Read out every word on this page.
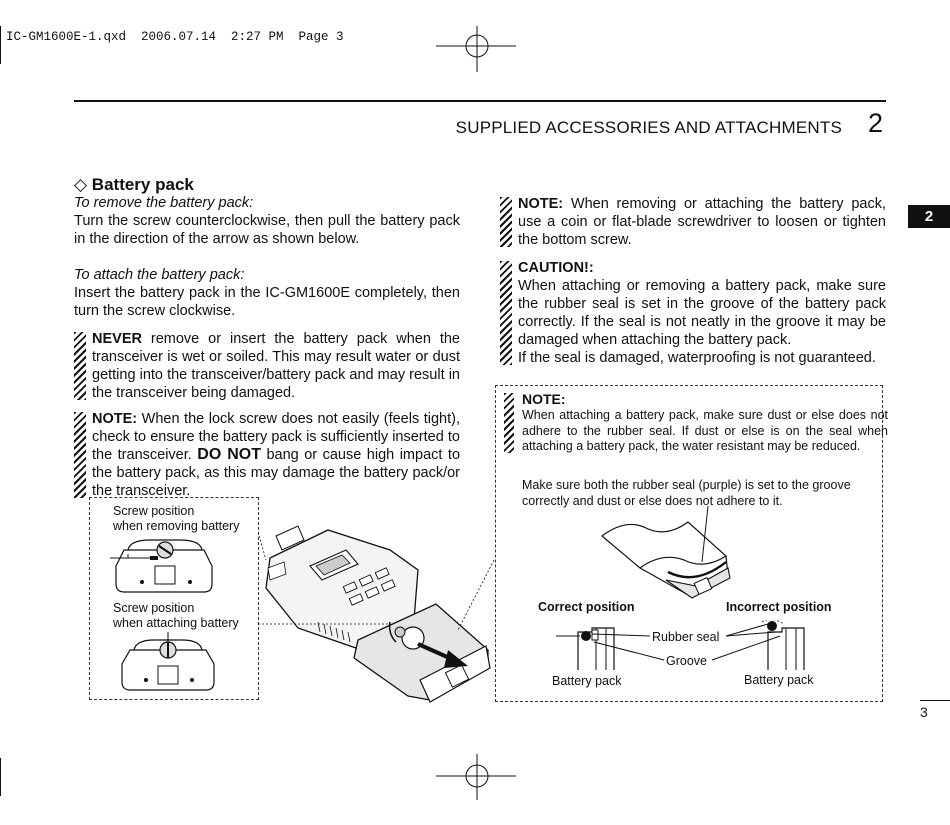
IC-GM1600E-1.qxd  2006.07.14  2:27 PM  Page 3
SUPPLIED ACCESSORIES AND ATTACHMENTS 2
2
◇ Battery pack

To remove the battery pack:

Turn the screw counterclockwise, then pull the battery pack in the direction of the arrow as shown below.

To attach the battery pack:

Insert the battery pack in the IC-GM1600E completely, then turn the screw clockwise.

NEVER remove or insert the battery pack when the transceiver is wet or soiled. This may result water or dust getting into the transceiver/battery pack and may result in the transceiver being damaged.
NOTE: When the lock screw does not easily (feels tight), check to ensure the battery pack is sufficiently inserted to the transceiver. DO NOT bang or cause high impact to the battery pack, as this may damage the battery pack/or the transceiver.
Screw position
when removing battery
Screw position
when attaching battery
NOTE: When removing or attaching the battery pack, use a coin or flat-blade screwdriver to loosen or tighten the bottom screw.
CAUTION!:

When attaching or removing a battery pack, make sure the rubber seal is set in the groove of the battery pack correctly. If the seal is not neatly in the groove it may be damaged when attaching the battery pack.

If the seal is damaged, waterproofing is not guaranteed.

NOTE:
When attaching a battery pack, make sure dust or else does not adhere to the rubber seal. If dust or else is on the seal when attaching a battery pack, the water resistant may be reduced.
Make sure both the rubber seal (purple) is set to the groove correctly and dust or else does not adhere to it.
Correct position	Incorrect position
Rubber seal
Groove
Battery pack	Battery pack
3
